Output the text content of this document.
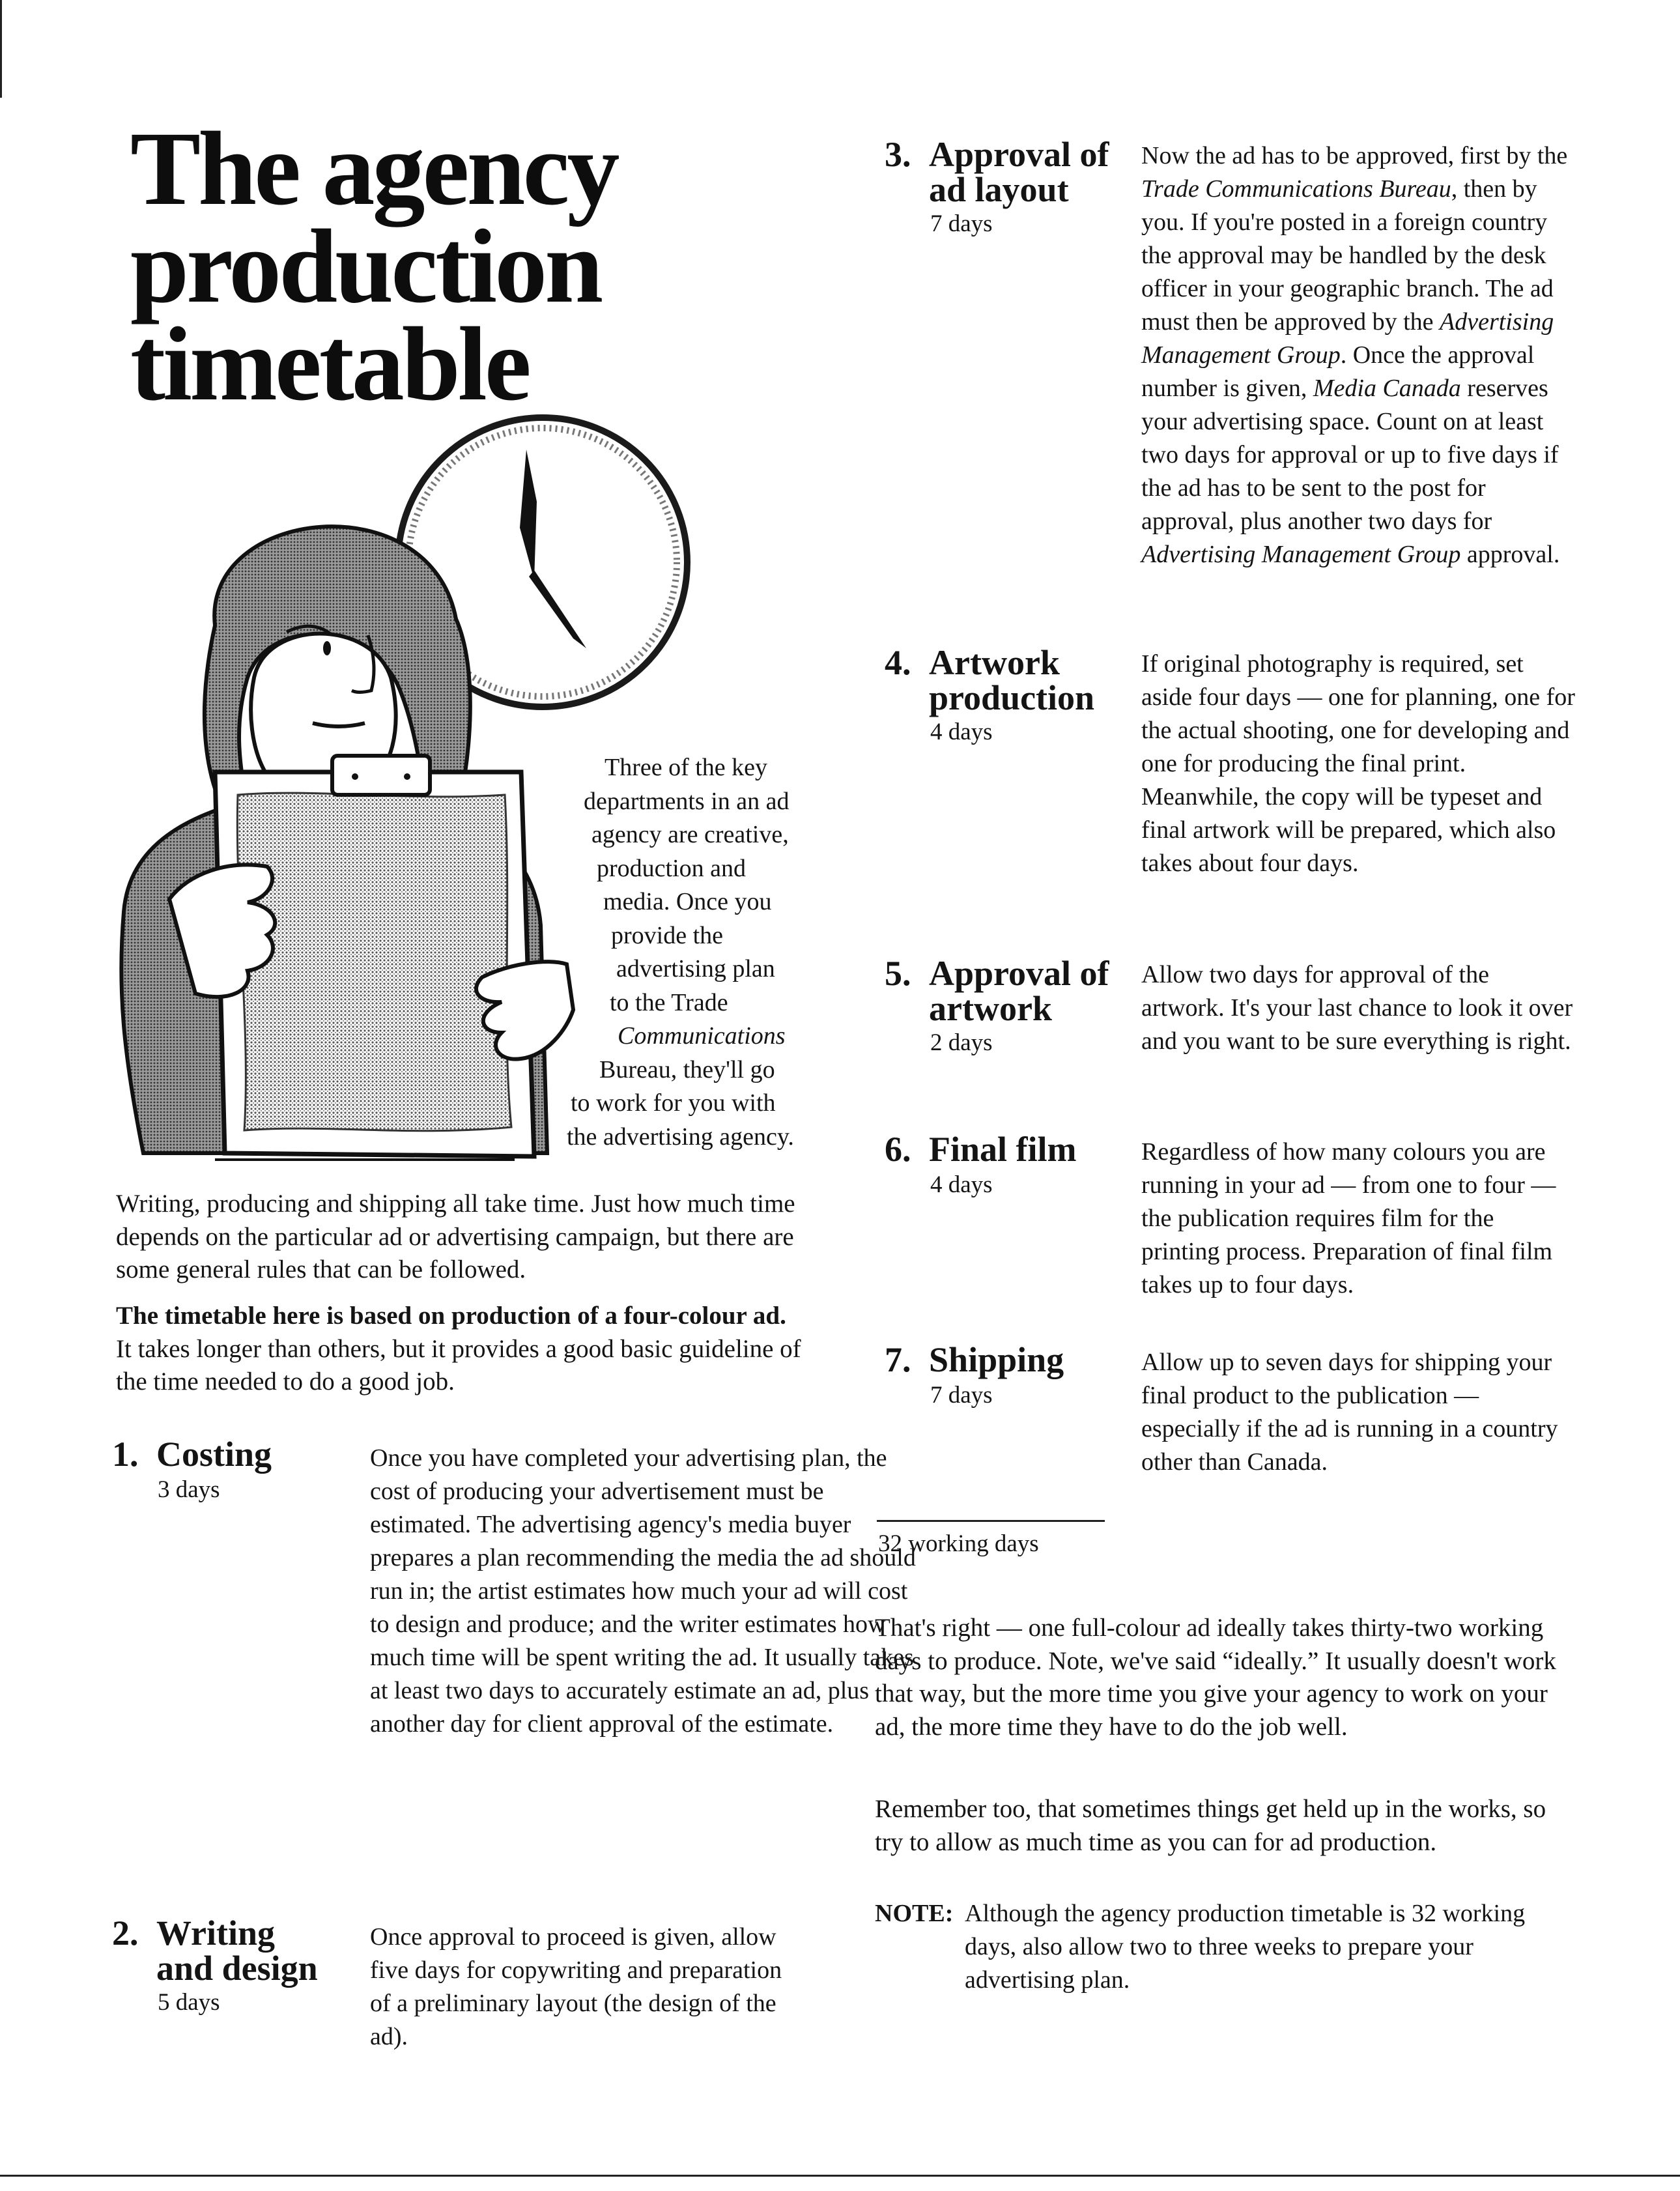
The agency
production
timetable
Three of the key
departments in an ad
agency are creative,
production and
media. Once you
provide the
advertising plan
to the Trade
Communications
Bureau, they'll go
to work for you with
the advertising agency.
Writing, producing and shipping all take time. Just how much time depends on the particular ad or advertising campaign, but there are some general rules that can be followed.
The timetable here is based on production of a four-colour ad. It takes longer than others, but it provides a good basic guideline of the time needed to do a good job.
1. Costing
3 days
Once you have completed your advertising plan, the cost of producing your advertisement must be estimated. The advertising agency's media buyer prepares a plan recommending the media the ad should run in; the artist estimates how much your ad will cost to design and produce; and the writer estimates how much time will be spent writing the ad. It usually takes at least two days to accurately estimate an ad, plus another day for client approval of the estimate.
2. Writing
and design
5 days
Once approval to proceed is given, allow five days for copywriting and preparation of a preliminary layout (the design of the ad).
3. Approval of
ad layout
7 days
Now the ad has to be approved, first by the Trade Communications Bureau, then by you. If you're posted in a foreign country the approval may be handled by the desk officer in your geographic branch. The ad must then be approved by the Advertising Management Group. Once the approval number is given, Media Canada reserves your advertising space. Count on at least two days for approval or up to five days if the ad has to be sent to the post for approval, plus another two days for Advertising Management Group approval.
4. Artwork
production
4 days
If original photography is required, set aside four days — one for planning, one for the actual shooting, one for developing and one for producing the final print. Meanwhile, the copy will be typeset and final artwork will be prepared, which also takes about four days.
5. Approval of
artwork
2 days
Allow two days for approval of the artwork. It's your last chance to look it over and you want to be sure everything is right.
6. Final film
4 days
Regardless of how many colours you are running in your ad — from one to four — the publication requires film for the printing process. Preparation of final film takes up to four days.
7. Shipping
7 days
Allow up to seven days for shipping your final product to the publication — especially if the ad is running in a country other than Canada.
32 working days
That's right — one full-colour ad ideally takes thirty-two working days to produce. Note, we've said “ideally.” It usually doesn't work that way, but the more time you give your agency to work on your ad, the more time they have to do the job well.
Remember too, that sometimes things get held up in the works, so try to allow as much time as you can for ad production.
NOTE: Although the agency production timetable is 32 working days, also allow two to three weeks to prepare your advertising plan.
